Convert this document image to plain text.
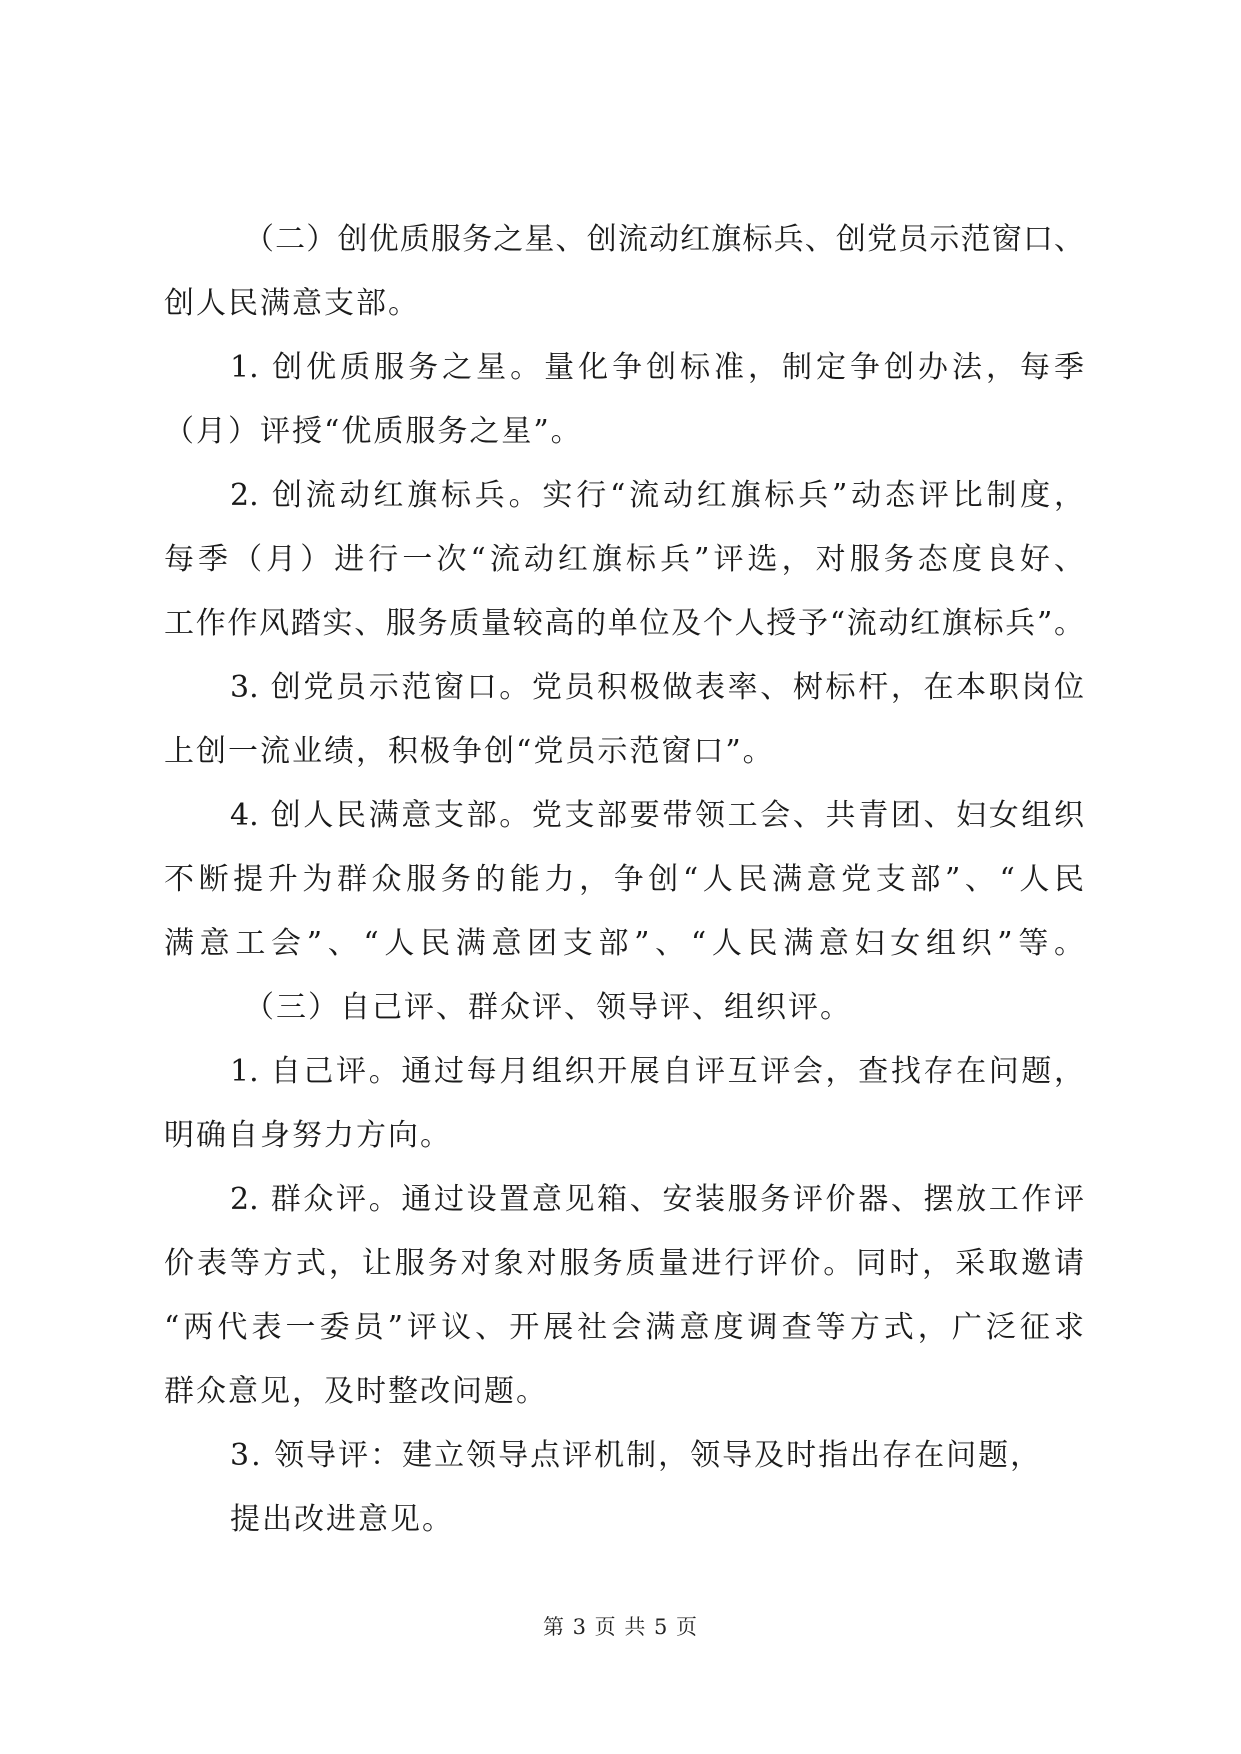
（二）创优质服务之星、创流动红旗标兵、创党员示范窗口、
创人民满意支部。
1. 创优质服务之星。量化争创标准，制定争创办法，每季
（月）评授“优质服务之星”。
2. 创流动红旗标兵。实行“流动红旗标兵”动态评比制度，
每季（月）进行一次“流动红旗标兵”评选，对服务态度良好、
工作作风踏实、服务质量较高的单位及个人授予“流动红旗标兵”。
3. 创党员示范窗口。党员积极做表率、树标杆，在本职岗位
上创一流业绩，积极争创“党员示范窗口”。
4. 创人民满意支部。党支部要带领工会、共青团、妇女组织
不断提升为群众服务的能力，争创“人民满意党支部”、“人民
满意工会”、“人民满意团支部”、“人民满意妇女组织”等。
（三）自己评、群众评、领导评、组织评。
1. 自己评。通过每月组织开展自评互评会，查找存在问题，
明确自身努力方向。
2. 群众评。通过设置意见箱、安装服务评价器、摆放工作评
价表等方式，让服务对象对服务质量进行评价。同时，采取邀请
“两代表一委员”评议、开展社会满意度调查等方式，广泛征求
群众意见，及时整改问题。
3. 领导评：建立领导点评机制，领导及时指出存在问题，
提出改进意见。
第 3 页 共 5 页
